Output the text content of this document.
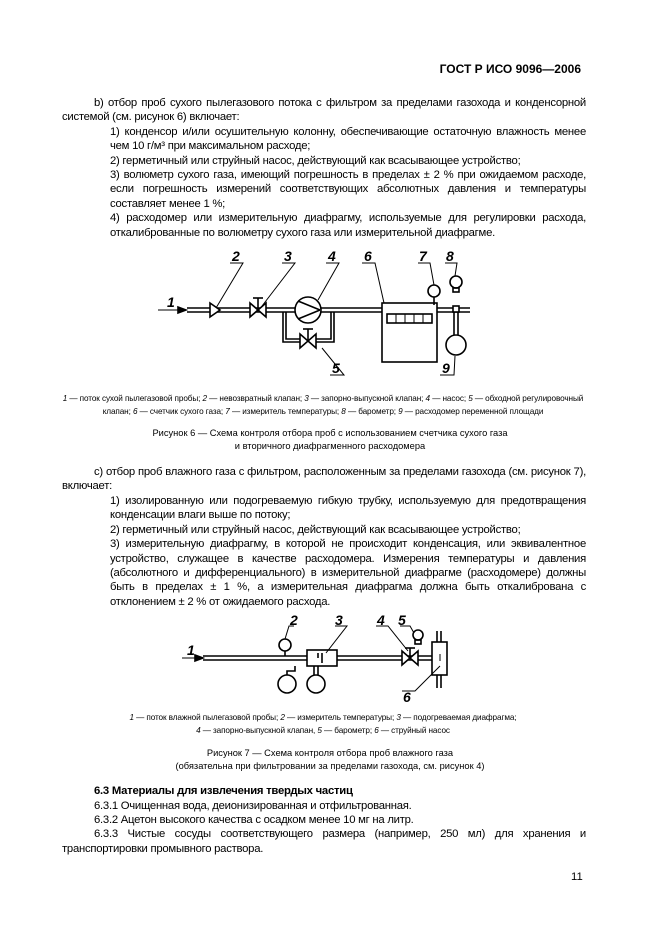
ГОСТ Р ИСО 9096—2006

b) отбор проб сухого пылегазового потока с фильтром за пределами газохода и конденсорной системой (см. рисунок 6) включает:

1) конденсор и/или осушительную колонну, обеспечивающие остаточную влажность менее чем 10 г/м³ при максимальном расходе;

2) герметичный или струйный насос, действующий как всасывающее устройство;

3) волюметр сухого газа, имеющий погрешность в пределах ± 2 % при ожидаемом расходе, если погрешность измерений соответствующих абсолютных давления и температуры составляет менее 1 %;

4) расходомер или измерительную диафрагму, используемые для регулировки расхода, откалиброванные по волюметру сухого газа или измерительной диафрагме.

1
2	3	4
5
6	7 8
9
1 — поток сухой пылегазовой пробы; 2 — невозвратный клапан; 3 — запорно-выпускной клапан; 4 — насос; 5 — обходной регулировочный клапан; 6 — счетчик сухого газа; 7 — измеритель температуры; 8 — барометр; 9 — расходомер переменной площади
Рисунок 6 — Схема контроля отбора проб с использованием счетчика сухого газа
и вторичного диафрагменного расходомера

c) отбор проб влажного газа с фильтром, расположенным за пределами газохода (см. рисунок 7), включает:

1) изолированную или подогреваемую гибкую трубку, используемую для предотвращения конденсации влаги выше по потоку;

2) герметичный или струйный насос, действующий как всасывающее устройство;

3) измерительную диафрагму, в которой не происходит конденсация, или эквивалентное устройство, служащее в качестве расходомера. Измерения температуры и давления (абсолютного и дифференциального) в измерительной диафрагме (расходомере) должны быть в пределах ± 1 %, а измерительная диафрагма должна быть откалибрована с отклонением ± 2 % от ожидаемого расхода.

1
2	3 4 5
6
1 — поток влажной пылегазовой пробы; 2 — измеритель температуры; 3 — подогреваемая диафрагма;
4 — запорно-выпускной клапан, 5 — барометр; 6 — струйный насос
Рисунок 7 — Схема контроля отбора проб влажного газа
(обязательна при фильтровании за пределами газохода, см. рисунок 4)

6.3 Материалы для извлечения твердых частиц

6.3.1 Очищенная вода, деионизированная и отфильтрованная.

6.3.2 Ацетон высокого качества с осадком менее 10 мг на литр.

6.3.3 Чистые сосуды соответствующего размера (например, 250 мл) для хранения и транспортировки промывного раствора.

11
